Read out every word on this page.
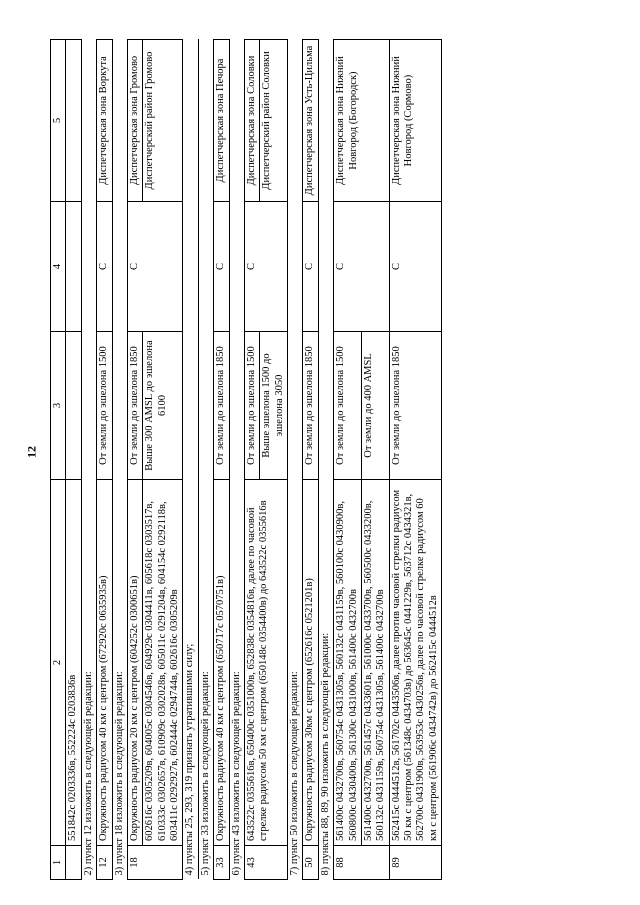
12
1	2	3	4	5
	551842с 0203336в, 552224с 0203836в			
2) пункт 12 изложить в следующей редакции:				
12	Окружность радиусом 40 км с центром (672920с 0635935в)	От земли до эшелона 1500	С	Диспетчерская зона Воркута
3) пункт 18 изложить в следующей редакции:				
18	Окружность радиусом 20 км с центром (604252с 0300651в)	От земли до эшелона 1850	С	Диспетчерская зона Громово
	602616с 0305209в, 604005с 0304546в, 604929с 0304411в, 605618с 0303517в, 610333с 0302657в, 610909с 0302028в, 605011с 0291204в, 604154с 0292118в, 603411с 0292927в, 602444с 0294744в, 602616с 0305209в	Выше 300 AMSL до эшелона 6100		Диспетчерский район Громово
4) пункты 25, 293, 319 признать утратившими силу;				
5) пункт 33 изложить в следующей редакции:				
33	Окружность радиусом 40 км с центром (650717с 0570751в)	От земли до эшелона 1850	С	Диспетчерская зона Печора
6) пункт 43 изложить в следующей редакции:				
43	643522с 0355616в, 650400с 0351000в, 652838с 0354816в, далее по часовой стрелке радиусом 50 км с центром (650148с 0354400в) до 643522с 0355616в	От земли до эшелона 1500	С	Диспетчерская зона Соловки
		Выше эшелона 1500 до эшелона 3050		Диспетчерский район Соловки
7) пункт 50 изложить в следующей редакции:				
50	Окружность радиусом 30км с центром (652616с 0521201в)	От земли до эшелона 1850	С	Диспетчерская зона Усть-Цильма
8) пункты 88, 89, 90 изложить в следующей редакции:				
88	561400с 0432700в, 560754с 0431305в, 560132с 0431159в, 560100с 0430900в, 560800с 0430400в, 561300с 0431000в, 561400с 0432700в	От земли до эшелона 1500	С	Диспетчерская зона Нижний Новгород (Богородск)
	561400с 0432700в, 561457с 0433601в, 561000с 0433700в, 560500с 0433200в, 560132с 0431159в, 560754с 0431305в, 561400с 0432700в	От земли до 400 AMSL		
89	562415с 0444512в, 561702с 0443506в, далее против часовой стрелки радиусом 50 км с центром (561348с 0434703в) до 563645с 0441229в, 563712с 0434321в, 562700с 0431900в, 563953с 0430256в, далее по часовой стрелке радиусом 60 км с центром (561906с 0434742в) до 562415с 0444512в	От земли до эшелона 1850	С	Диспетчерская зона Нижний Новгород (Сормово)
